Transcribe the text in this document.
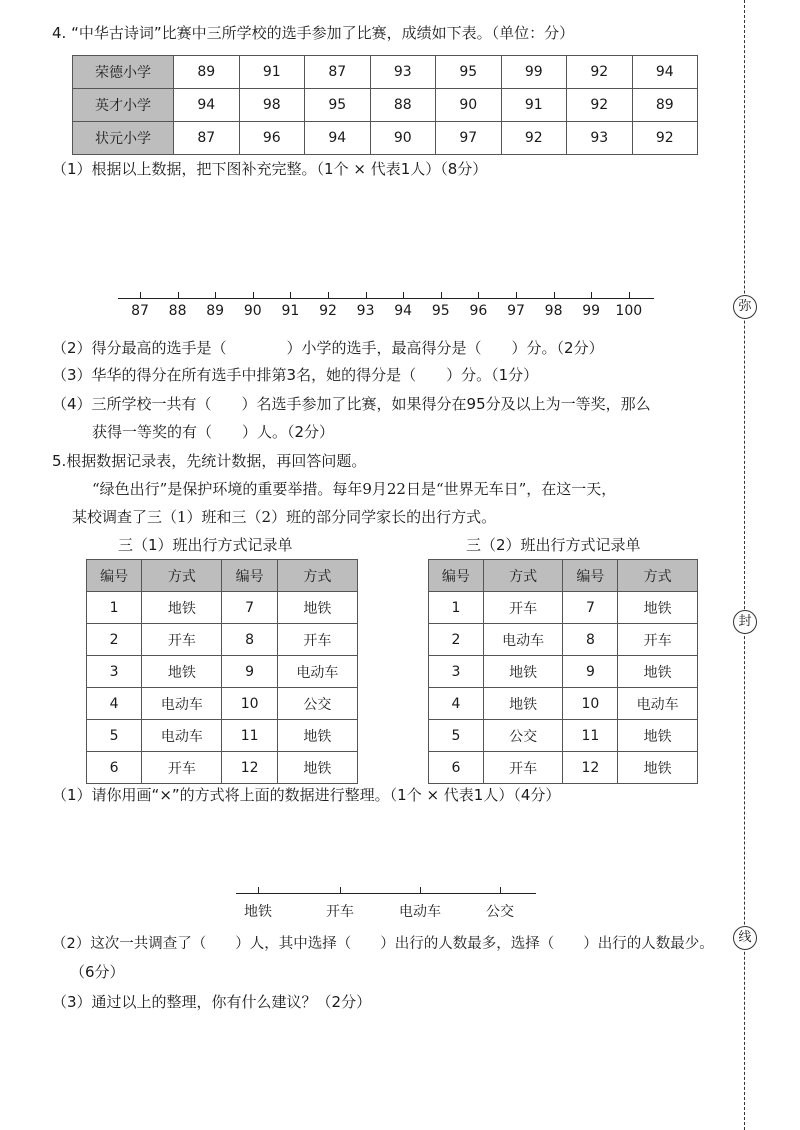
4. “中华古诗词”比赛中三所学校的选手参加了比赛，成绩如下表。（单位：分）
荣德小学	89	91	87	93	95	99	92	94
英才小学	94	98	95	88	90	91	92	89
状元小学	87	96	94	90	97	92	93	92
（1）根据以上数据，把下图补充完整。（1个 × 代表1人）（8分）
87 88 89 90 91 92 93 94 95 96 97 98 99 100
（2）得分最高的选手是（　　　　）小学的选手，最高得分是（　　）分。（2分）
（3）华华的得分在所有选手中排第3名，她的得分是（　　）分。（1分）
（4）三所学校一共有（　　）名选手参加了比赛，如果得分在95分及以上为一等奖，那么
获得一等奖的有（　　）人。（2分）
5.根据数据记录表，先统计数据，再回答问题。
“绿色出行”是保护环境的重要举措。每年9月22日是“世界无车日”，在这一天，
某校调查了三（1）班和三（2）班的部分同学家长的出行方式。
三（1）班出行方式记录单	三（2）班出行方式记录单
编号	方式	编号	方式
1	地铁	7	地铁
2	开车	8	开车
3	地铁	9	电动车
4	电动车	10	公交
5	电动车	11	地铁
6	开车	12	地铁
编号	方式	编号	方式
1	开车	7	地铁
2	电动车	8	开车
3	地铁	9	地铁
4	地铁	10	电动车
5	公交	11	地铁
6	开车	12	地铁
（1）请你用画“×”的方式将上面的数据进行整理。（1个 × 代表1人）（4分）
地铁	开车	电动车	公交
（2）这次一共调查了（　　）人，其中选择（　　）出行的人数最多，选择（　　）出行的人数最少。
（6分）
（3）通过以上的整理，你有什么建议？（2分）
弥
封
线
